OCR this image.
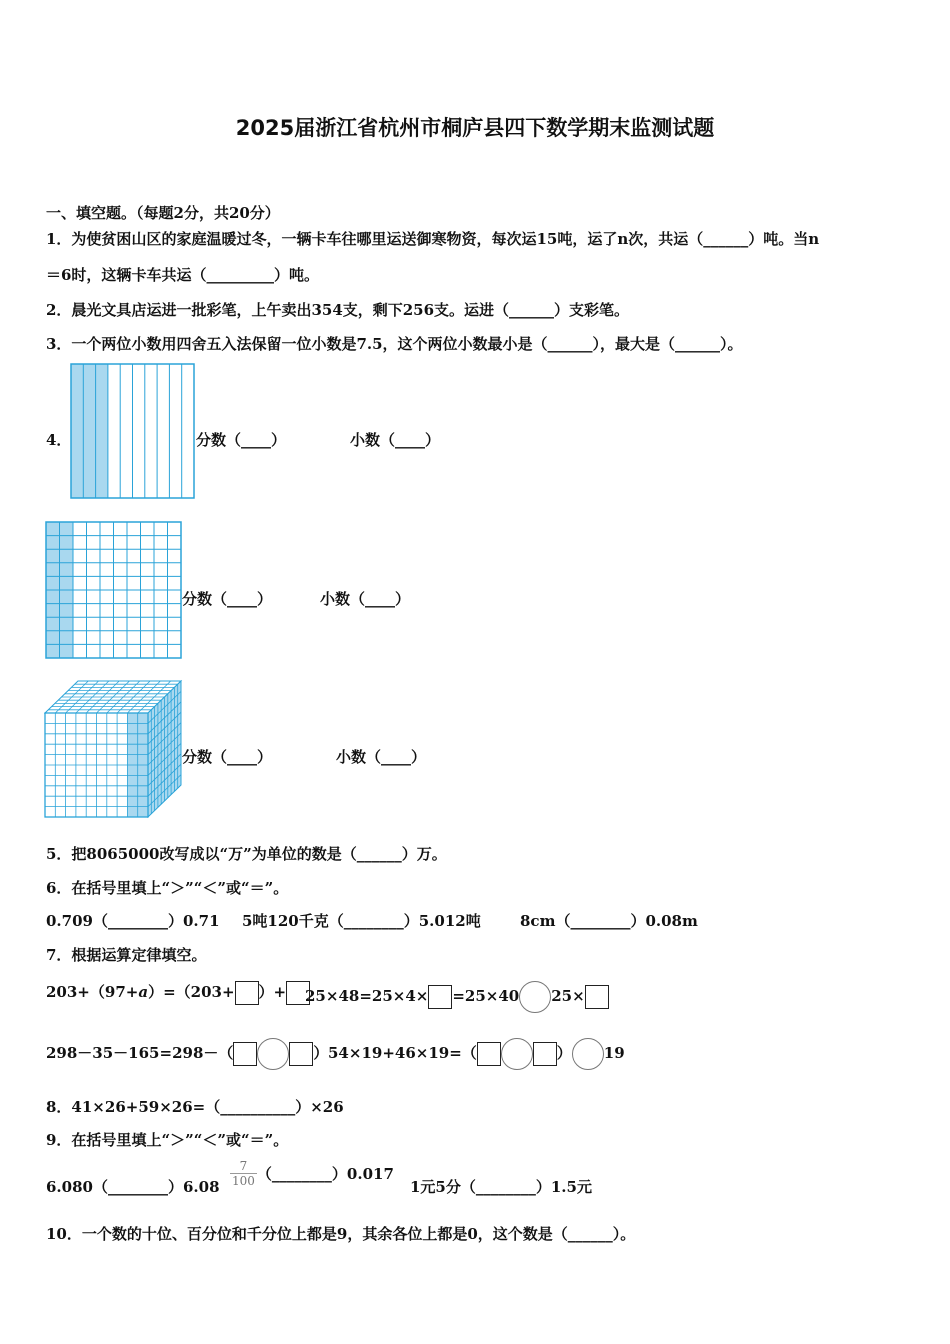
2025届浙江省杭州市桐庐县四下数学期末监测试题
一、填空题。（每题2分，共20分）
1．为使贫困山区的家庭温暖过冬，一辆卡车往哪里运送御寒物资，每次运15吨，运了n次，共运（______）吨。当n
＝6时，这辆卡车共运（_________）吨。
2．晨光文具店运进一批彩笔，上午卖出354支，剩下256支。运进（______）支彩笔。
3．一个两位小数用四舍五入法保留一位小数是7.5，这个两位小数最小是（______），最大是（______）。
4．	分数（____）	小数（____）
分数（____）	小数（____）
分数（____）	小数（____）
5．把8065000改写成以“万”为单位的数是（______）万。
6．在括号里填上“＞”“＜”或“＝”。
0.709（________）0.71 5吨120千克（________）5.012吨	8cm（________）0.08m
7．根据运算定律填空。
203+（97+a）=（203+ ）+	25×48=25×4× =25×40 25×
298－35－165=298－（	） 54×19+46×19=（	） 19
8．41×26+59×26=（__________）×26
9．在括号里填上“＞”“＜”或“＝”。
6.080（________）6.08 $\frac{7}{100}$ （________）0.017
1元5分（________）1.5元
10．一个数的十位、百分位和千分位上都是9，其余各位上都是0，这个数是（______）。
